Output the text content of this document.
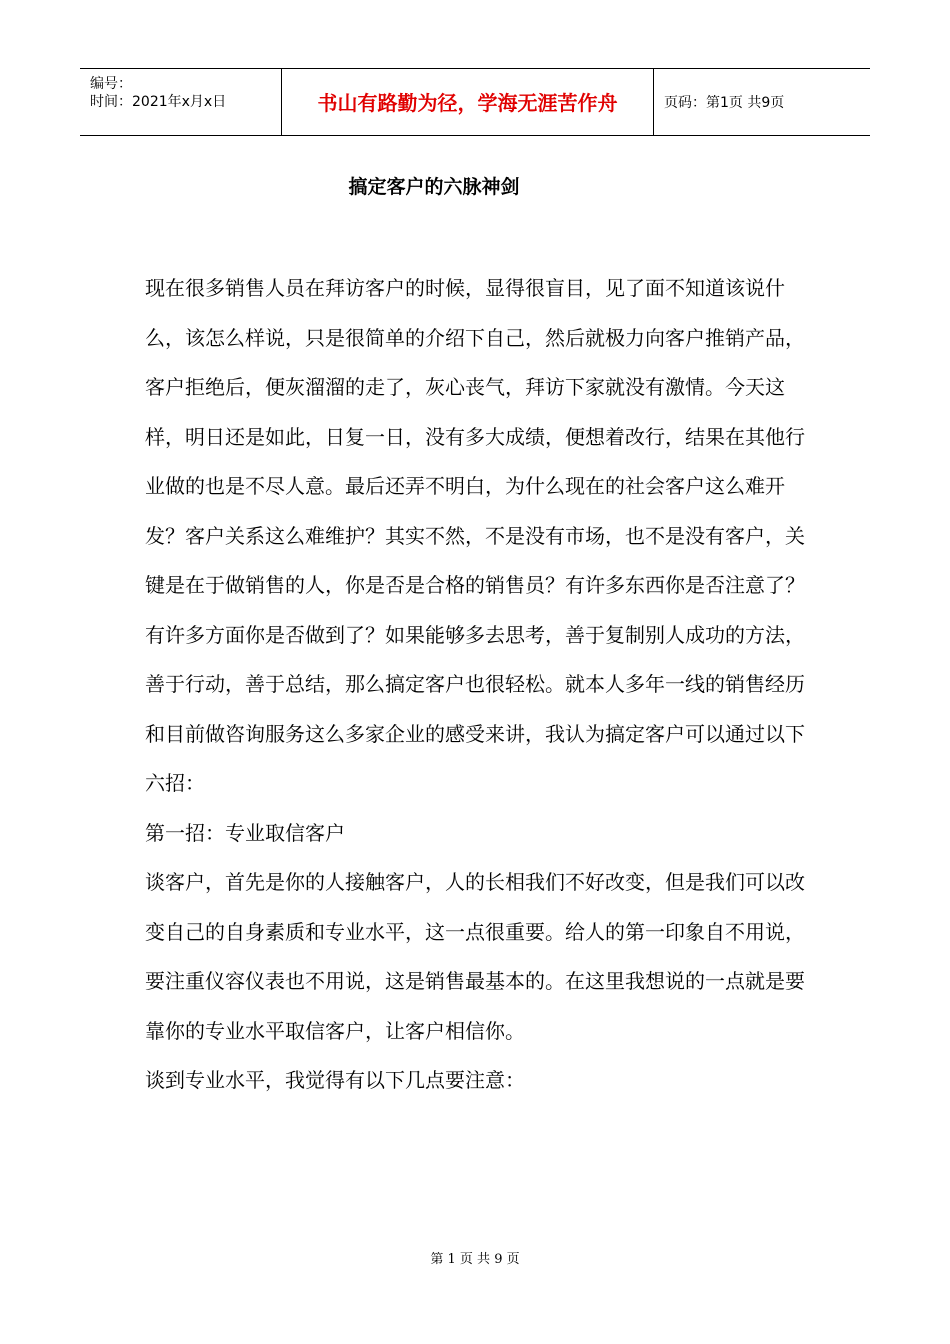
编号：
时间：2021年x月x日	书山有路勤为径，学海无涯苦作舟	页码：第1页 共9页
搞定客户的六脉神剑

现在很多销售人员在拜访客户的时候，显得很盲目，见了面不知道该说什么，该怎么样说，只是很简单的介绍下自己，然后就极力向客户推销产品，客户拒绝后，便灰溜溜的走了，灰心丧气，拜访下家就没有激情。今天这样，明日还是如此，日复一日，没有多大成绩，便想着改行，结果在其他行业做的也是不尽人意。最后还弄不明白，为什么现在的社会客户这么难开发？客户关系这么难维护？其实不然，不是没有市场，也不是没有客户，关键是在于做销售的人，你是否是合格的销售员？有许多东西你是否注意了？有许多方面你是否做到了？如果能够多去思考，善于复制别人成功的方法，善于行动，善于总结，那么搞定客户也很轻松。就本人多年一线的销售经历和目前做咨询服务这么多家企业的感受来讲，我认为搞定客户可以通过以下六招：

第一招：专业取信客户

谈客户，首先是你的人接触客户，人的长相我们不好改变，但是我们可以改变自己的自身素质和专业水平，这一点很重要。给人的第一印象自不用说，要注重仪容仪表也不用说，这是销售最基本的。在这里我想说的一点就是要靠你的专业水平取信客户，让客户相信你。

谈到专业水平，我觉得有以下几点要注意：

第 1 页 共 9 页
